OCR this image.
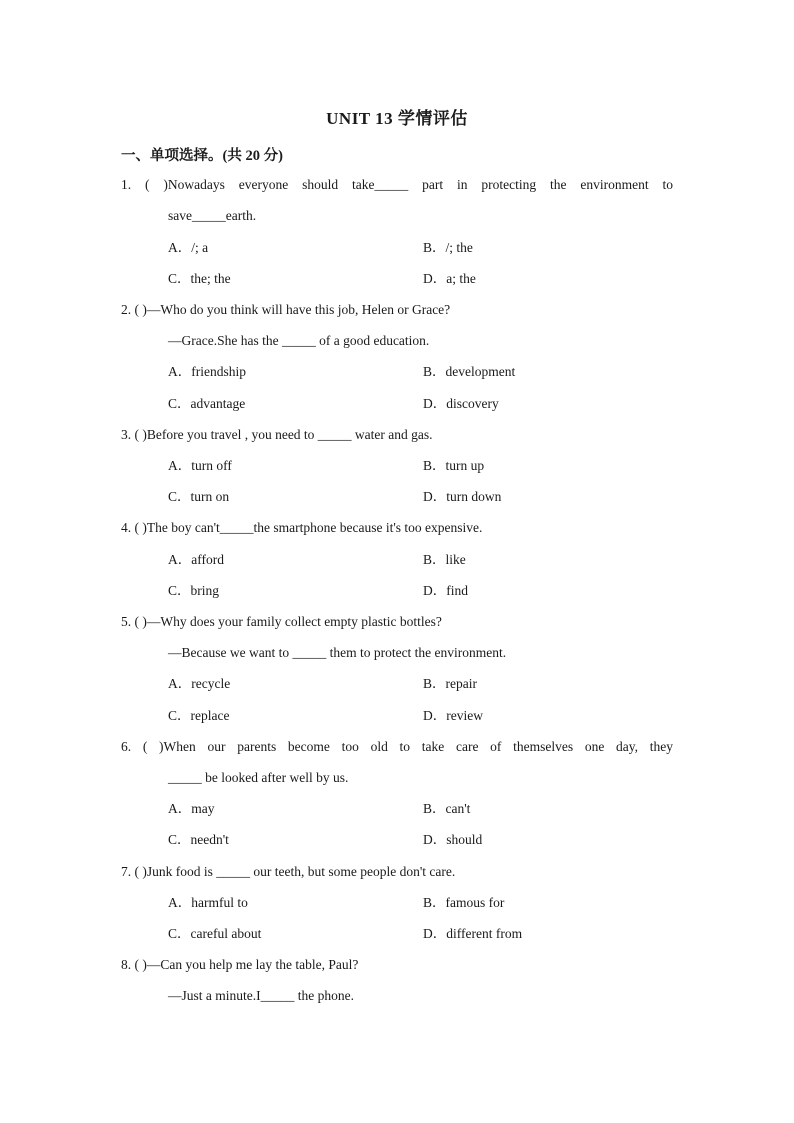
UNIT 13 学情评估
一、单项选择。(共 20 分)
1. ( )Nowadays everyone should take_____ part in protecting the environment to
save_____earth.
A．/; a	B．/; the
C．the; the	D．a; the
2. ( )—Who do you think will have this job, Helen or Grace?
—Grace.She has the _____ of a good education.
A．friendship	B．development
C．advantage	D．discovery
3. ( )Before you travel , you need to _____ water and gas.
A．turn off	B．turn up
C．turn on	D．turn down
4. ( )The boy can't_____the smartphone because it's too expensive.
A．afford	B．like
C．bring	D．find
5. ( )—Why does your family collect empty plastic bottles?
—Because we want to _____ them to protect the environment.
A．recycle	B．repair
C．replace	D．review
6. ( )When our parents become too old to take care of themselves one day, they
_____ be looked after well by us.
A．may	B．can't
C．needn't	D．should
7. ( )Junk food is _____ our teeth, but some people don't care.
A．harmful to	B．famous for
C．careful about	D．different from
8. ( )—Can you help me lay the table, Paul?
—Just a minute.I_____ the phone.
